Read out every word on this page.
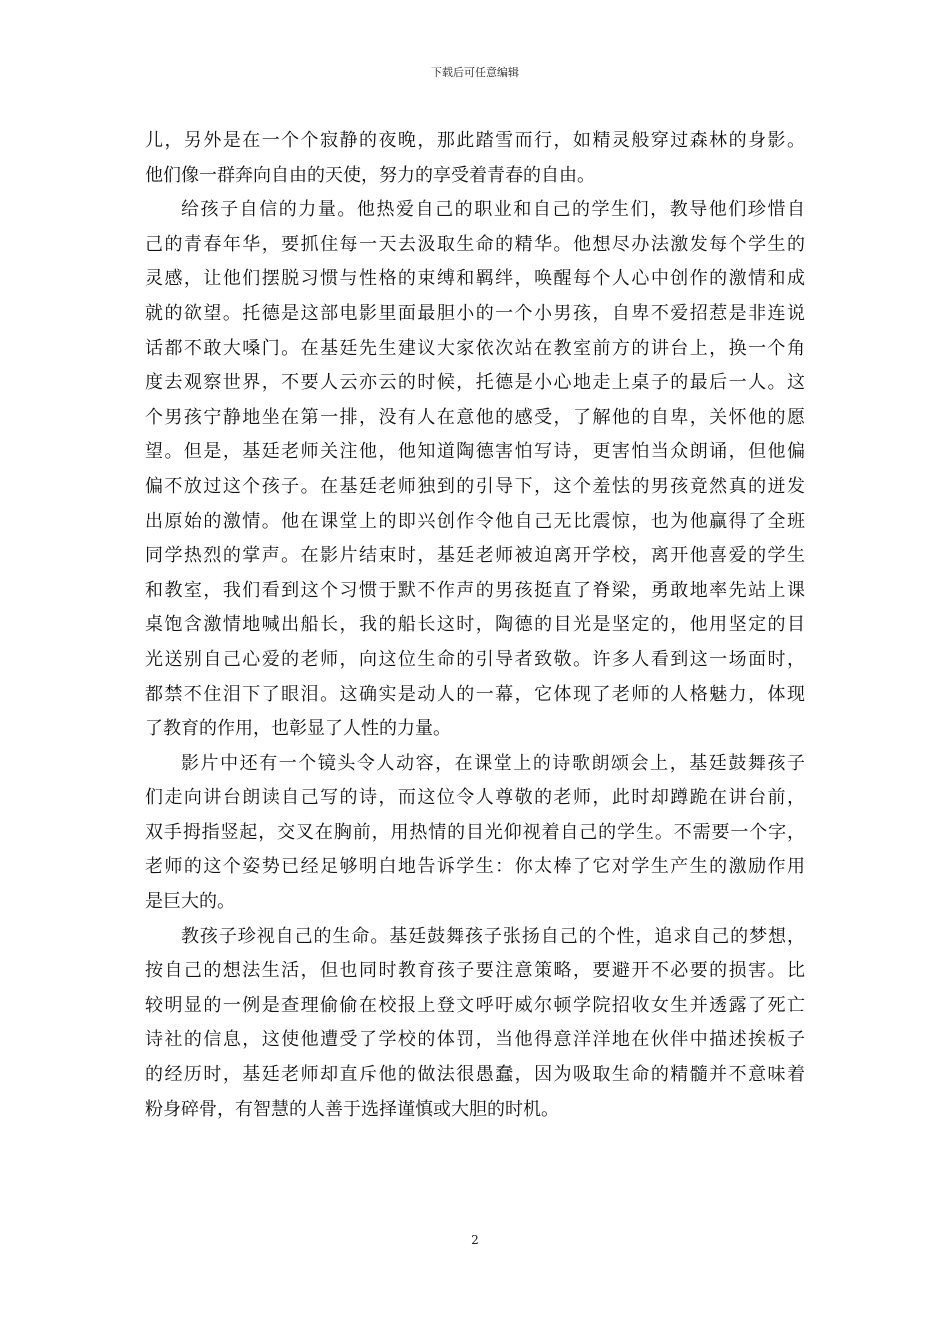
下载后可任意编辑
儿，另外是在一个个寂静的夜晚，那此踏雪而行，如精灵般穿过森林的身影。
他们像一群奔向自由的天使，努力的享受着青春的自由。
给孩子自信的力量。他热爱自己的职业和自己的学生们，教导他们珍惜自
己的青春年华，要抓住每一天去汲取生命的精华。他想尽办法激发每个学生的
灵感，让他们摆脱习惯与性格的束缚和羁绊，唤醒每个人心中创作的激情和成
就的欲望。托德是这部电影里面最胆小的一个小男孩，自卑不爱招惹是非连说
话都不敢大嗓门。在基廷先生建议大家依次站在教室前方的讲台上，换一个角
度去观察世界，不要人云亦云的时候，托德是小心地走上桌子的最后一人。这
个男孩宁静地坐在第一排，没有人在意他的感受，了解他的自卑，关怀他的愿
望。但是，基廷老师关注他，他知道陶德害怕写诗，更害怕当众朗诵，但他偏
偏不放过这个孩子。在基廷老师独到的引导下，这个羞怯的男孩竟然真的迸发
出原始的激情。他在课堂上的即兴创作令他自己无比震惊，也为他赢得了全班
同学热烈的掌声。在影片结束时，基廷老师被迫离开学校，离开他喜爱的学生
和教室，我们看到这个习惯于默不作声的男孩挺直了脊梁，勇敢地率先站上课
桌饱含激情地喊出船长，我的船长这时，陶德的目光是坚定的，他用坚定的目
光送别自己心爱的老师，向这位生命的引导者致敬。许多人看到这一场面时，
都禁不住泪下了眼泪。这确实是动人的一幕，它体现了老师的人格魅力，体现
了教育的作用，也彰显了人性的力量。
影片中还有一个镜头令人动容，在课堂上的诗歌朗颂会上，基廷鼓舞孩子
们走向讲台朗读自己写的诗，而这位令人尊敬的老师，此时却蹲跪在讲台前，
双手拇指竖起，交叉在胸前，用热情的目光仰视着自己的学生。不需要一个字，
老师的这个姿势已经足够明白地告诉学生：你太棒了它对学生产生的激励作用
是巨大的。
教孩子珍视自己的生命。基廷鼓舞孩子张扬自己的个性，追求自己的梦想，
按自己的想法生活，但也同时教育孩子要注意策略，要避开不必要的损害。比
较明显的一例是查理偷偷在校报上登文呼吁威尔顿学院招收女生并透露了死亡
诗社的信息，这使他遭受了学校的体罚，当他得意洋洋地在伙伴中描述挨板子
的经历时，基廷老师却直斥他的做法很愚蠢，因为吸取生命的精髓并不意味着
粉身碎骨，有智慧的人善于选择谨慎或大胆的时机。
2
